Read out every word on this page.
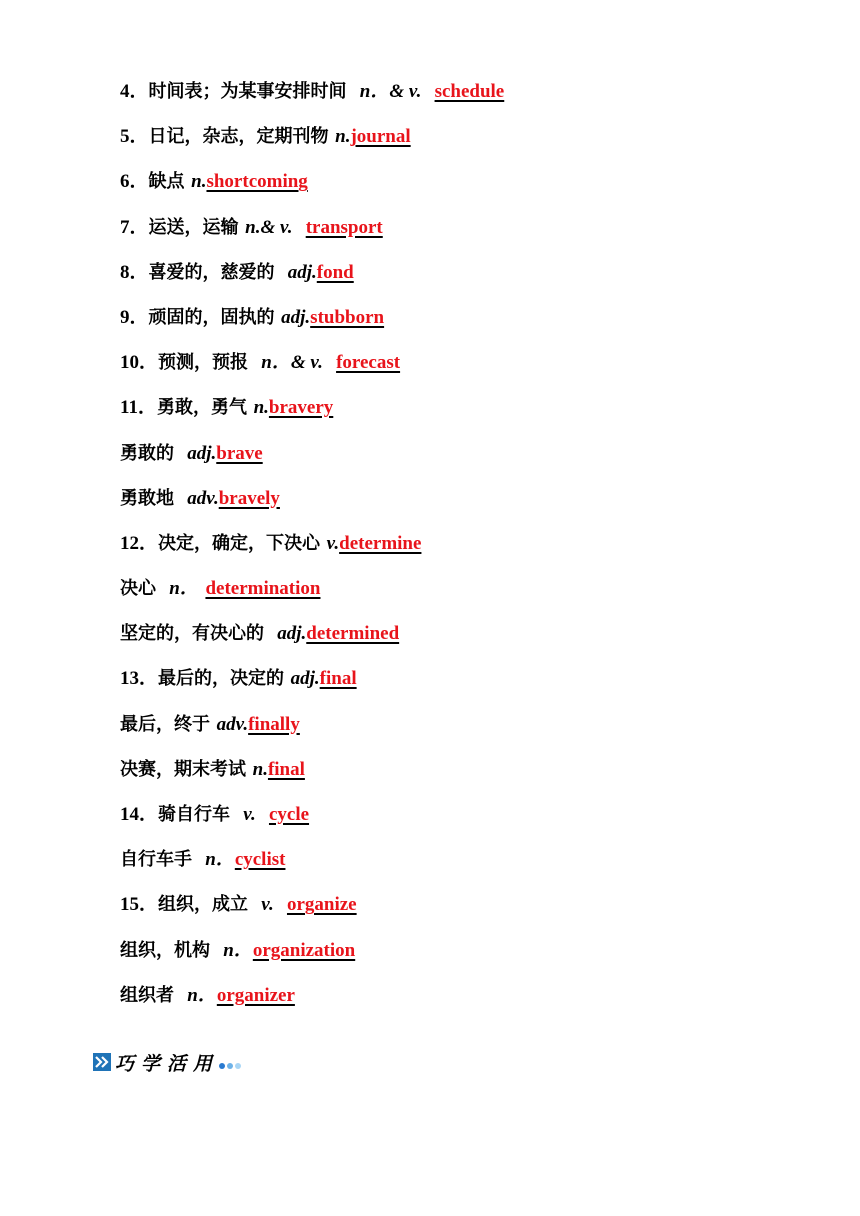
4．时间表；为某事安排时间 n．& v. schedule
5．日记，杂志，定期刊物 n.journal
6．缺点 n.shortcoming
7．运送，运输 n.& v. transport
8．喜爱的，慈爱的 adj.fond
9．顽固的，固执的 adj.stubborn
10．预测，预报 n．& v. forecast
11．勇敢，勇气 n.bravery
勇敢的 adj.brave
勇敢地 adv.bravely
12．决定，确定，下决心 v.determine
决心 n． determination
坚定的，有决心的 adj.determined
13．最后的，决定的 adj.final
最后，终于 adv.finally
决赛，期末考试 n.final
14．骑自行车 v. cycle
自行车手 n．cyclist
15．组织，成立 v. organize
组织，机构 n．organization
组织者 n．organizer
巧学活用
